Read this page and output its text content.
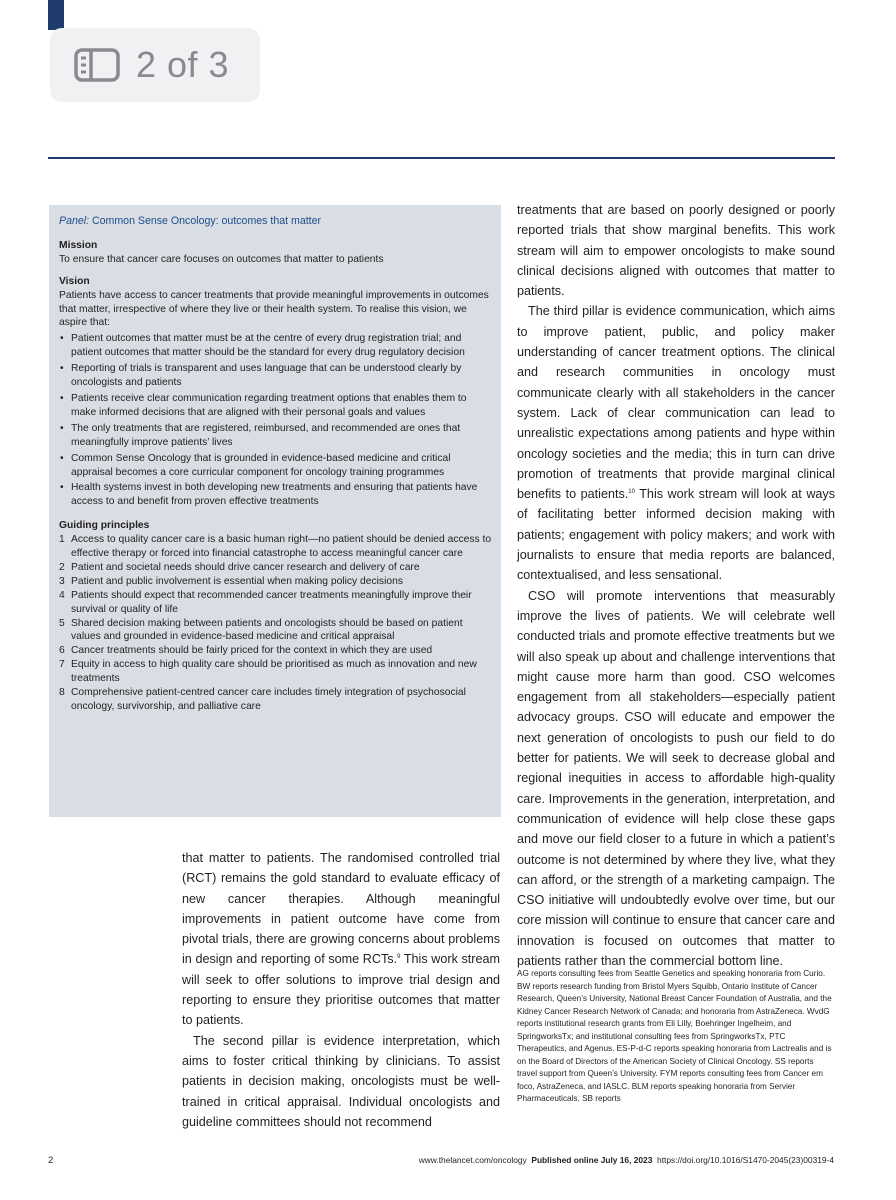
2 of 3
Panel: Common Sense Oncology: outcomes that matter
Mission
To ensure that cancer care focuses on outcomes that matter to patients
Vision
Patients have access to cancer treatments that provide meaningful improvements in outcomes that matter, irrespective of where they live or their health system. To realise this vision, we aspire that:
• Patient outcomes that matter must be at the centre of every drug registration trial; and patient outcomes that matter should be the standard for every drug regulatory decision
• Reporting of trials is transparent and uses language that can be understood clearly by oncologists and patients
• Patients receive clear communication regarding treatment options that enables them to make informed decisions that are aligned with their personal goals and values
• The only treatments that are registered, reimbursed, and recommended are ones that meaningfully improve patients’ lives
• Common Sense Oncology that is grounded in evidence-based medicine and critical appraisal becomes a core curricular component for oncology training programmes
• Health systems invest in both developing new treatments and ensuring that patients have access to and benefit from proven effective treatments
Guiding principles
1 Access to quality cancer care is a basic human right—no patient should be denied access to effective therapy or forced into financial catastrophe to access meaningful cancer care
2 Patient and societal needs should drive cancer research and delivery of care
3 Patient and public involvement is essential when making policy decisions
4 Patients should expect that recommended cancer treatments meaningfully improve their survival or quality of life
5 Shared decision making between patients and oncologists should be based on patient values and grounded in evidence-based medicine and critical appraisal
6 Cancer treatments should be fairly priced for the context in which they are used
7 Equity in access to high quality care should be prioritised as much as innovation and new treatments
8 Comprehensive patient-centred cancer care includes timely integration of psychosocial oncology, survivorship, and palliative care

treatments that are based on poorly designed or poorly reported trials that show marginal benefits. This work stream will aim to empower oncologists to make sound clinical decisions aligned with outcomes that matter to patients.

The third pillar is evidence communication, which aims to improve patient, public, and policy maker understanding of cancer treatment options. The clinical and research communities in oncology must communicate clearly with all stakeholders in the cancer system. Lack of clear communication can lead to unrealistic expectations among patients and hype within oncology societies and the media; this in turn can drive promotion of treatments that provide marginal clinical benefits to patients.$^{10}$ This work stream will look at ways of facilitating better informed decision making with patients; engagement with policy makers; and work with journalists to ensure that media reports are balanced, contextualised, and less sensational.

CSO will promote interventions that measurably improve the lives of patients. We will celebrate well conducted trials and promote effective treatments but we will also speak up about and challenge interventions that might cause more harm than good. CSO welcomes engagement from all stakeholders—especially patient advocacy groups. CSO will educate and empower the next generation of oncologists to push our field to do better for patients. We will seek to decrease global and regional inequities in access to affordable high-quality care. Improvements in the generation, interpretation, and communication of evidence will help close these gaps and move our field closer to a future in which a patient’s outcome is not determined by where they live, what they can afford, or the strength of a marketing campaign. The CSO initiative will undoubtedly evolve over time, but our core mission will continue to ensure that cancer care and innovation is focused on outcomes that matter to patients rather than the commercial bottom line.

that matter to patients. The randomised controlled trial (RCT) remains the gold standard to evaluate efficacy of new cancer therapies. Although meaningful improvements in patient outcome have come from pivotal trials, there are growing concerns about problems in design and reporting of some RCTs.$^9$ This work stream will seek to offer solutions to improve trial design and reporting to ensure they prioritise outcomes that matter to patients.

The second pillar is evidence interpretation, which aims to foster critical thinking by clinicians. To assist patients in decision making, oncologists must be well-trained in critical appraisal. Individual oncologists and guideline committees should not recommend

AG reports consulting fees from Seattle Genetics and speaking honoraria from Curio. BW reports research funding from Bristol Myers Squibb, Ontario Institute of Cancer Research, Queen’s University, National Breast Cancer Foundation of Australia, and the Kidney Cancer Research Network of Canada; and honoraria from AstraZeneca. WvdG reports institutional research grants from Eli Lilly, Boehringer Ingelheim, and SpringworksTx; and institutional consulting fees from SpringworksTx, PTC Therapeutics, and Agenus. ES-P-d-C reports speaking honoraria from Lactrealis and is on the Board of Directors of the American Society of Clinical Oncology. SS reports travel support from Queen’s University. FYM reports consulting fees from Cancer em foco, AstraZeneca, and IASLC. BLM reports speaking honoraria from Servier Pharmaceuticals. SB reports
2	www.thelancet.com/oncology Published online July 16, 2023 https://doi.org/10.1016/S1470-2045(23)00319-4
